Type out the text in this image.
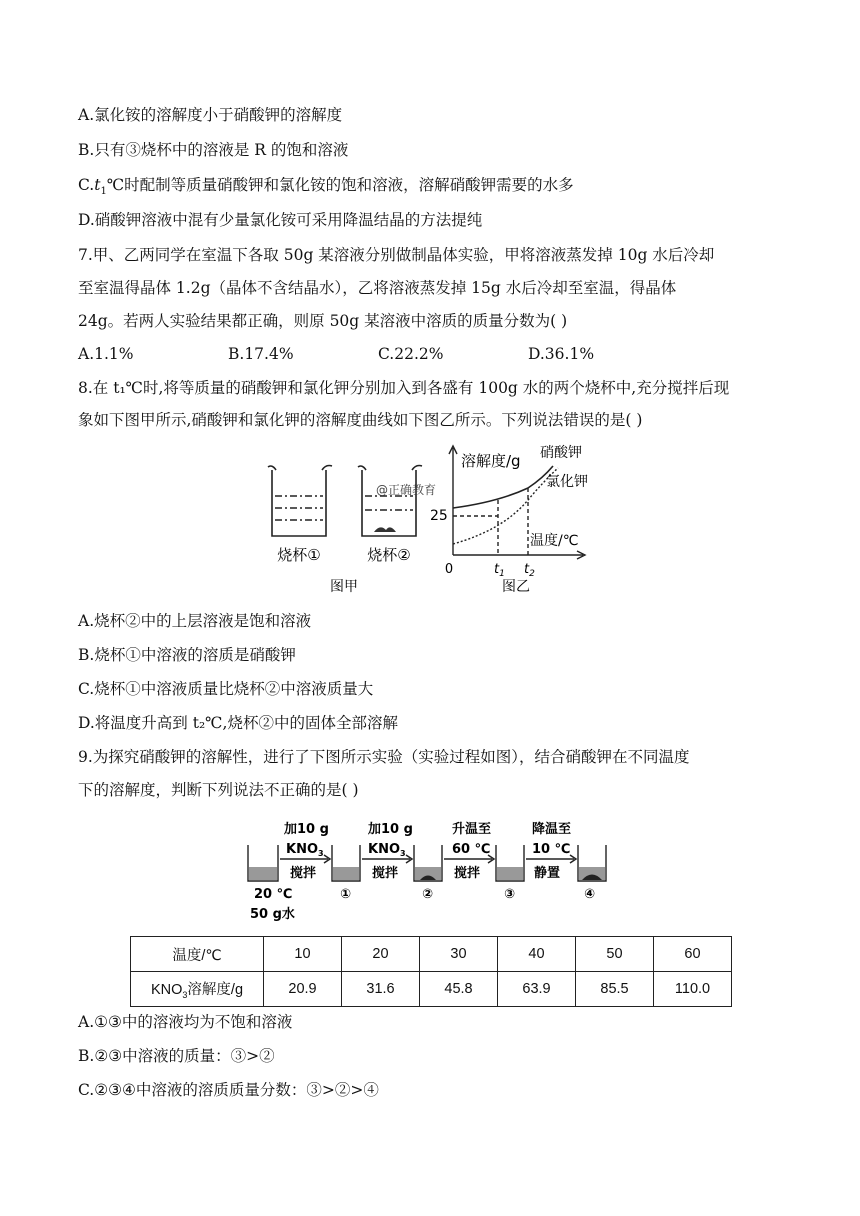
A.氯化铵的溶解度小于硝酸钾的溶解度
B.只有③烧杯中的溶液是 R 的饱和溶液
$C.t_1℃$时配制等质量硝酸钾和氯化铵的饱和溶液，溶解硝酸钾需要的水多
D.硝酸钾溶液中混有少量氯化铵可采用降温结晶的方法提纯
7.甲、乙两同学在室温下各取 50g 某溶液分别做制晶体实验，甲将溶液蒸发掉 10g 水后冷却
至室温得晶体 1.2g（晶体不含结晶水），乙将溶液蒸发掉 15g 水后冷却至室温，得晶体
24g。若两人实验结果都正确，则原 50g 某溶液中溶质的质量分数为( )
A.1.1%	B.17.4%	C.22.2%	D.36.1%
8.在 t₁℃时,将等质量的硝酸钾和氯化钾分别加入到各盛有 100g 水的两个烧杯中,充分搅拌后现
象如下图甲所示,硝酸钾和氯化钾的溶解度曲线如下图乙所示。下列说法错误的是( )
烧杯①	烧杯②
@正确教育
图甲
溶解度/g 硝酸钾
氯化钾
温度/℃
25
0	$t_1$ $t_2$
图乙
A.烧杯②中的上层溶液是饱和溶液
B.烧杯①中溶液的溶质是硝酸钾
C.烧杯①中溶液质量比烧杯②中溶液质量大
D.将温度升高到 t₂℃,烧杯②中的固体全部溶解
9.为探究硝酸钾的溶解性，进行了下图所示实验（实验过程如图），结合硝酸钾在不同温度
下的溶解度，判断下列说法不正确的是( )
加10 g
$KNO_3$
搅拌
加10 g
$KNO_3$
搅拌
升温至
60 ℃
搅拌
降温至
10 ℃
静置
20 ℃
50 g水
①	②	③	④
温度/℃	10	20	30	40	50	60
$KNO_3$溶解度/g	20.9	31.6	45.8	63.9	85.5	110.0
A.①③中的溶液均为不饱和溶液
B.②③中溶液的质量：③>②
C.②③④中溶液的溶质质量分数：③>②>④
